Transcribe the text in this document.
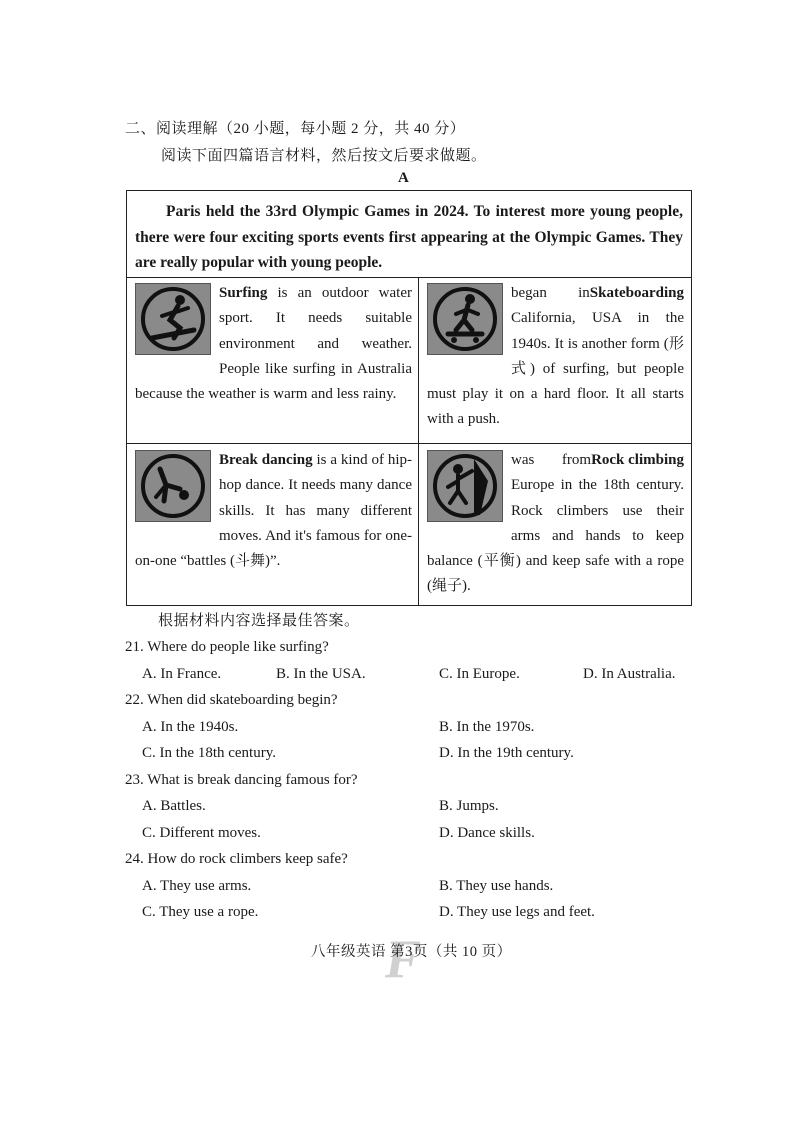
二、阅读理解（20 小题，每小题 2 分，共 40 分）
阅读下面四篇语言材料，然后按文后要求做题。
A
Paris held the 33rd Olympic Games in 2024. To interest more young people, there were four exciting sports events first appearing at the Olympic Games. They are really popular with young people.
Surfing is an outdoor water sport. It needs suitable environment and weather. People like surfing in Australia because the weather is warm and less rainy.
Skateboarding
began in California, USA in the 1940s. It is another form (形式) of surfing, but people must play it on a hard floor. It all starts with a push.
Break dancing is a kind of hip-hop dance. It needs many dance skills. It has many different moves. And it's famous for one-on-one “battles (斗舞)”.
Rock climbing
was from Europe in the 18th century. Rock climbers use their arms and hands to keep balance (平衡) and keep safe with a rope (绳子).
根据材料内容选择最佳答案。
21. Where do people like surfing?
A. In France.	B. In the USA.	C. In Europe.	D. In Australia.
22. When did skateboarding begin?
A. In the 1940s.	B. In the 1970s.
C. In the 18th century.	D. In the 19th century.
23. What is break dancing famous for?
A. Battles.	B. Jumps.
C. Different moves.	D. Dance skills.
24. How do rock climbers keep safe?
A. They use arms.	B. They use hands.
C. They use a rope.	D. They use legs and feet.
F
八年级英语 第3页（共 10 页）
